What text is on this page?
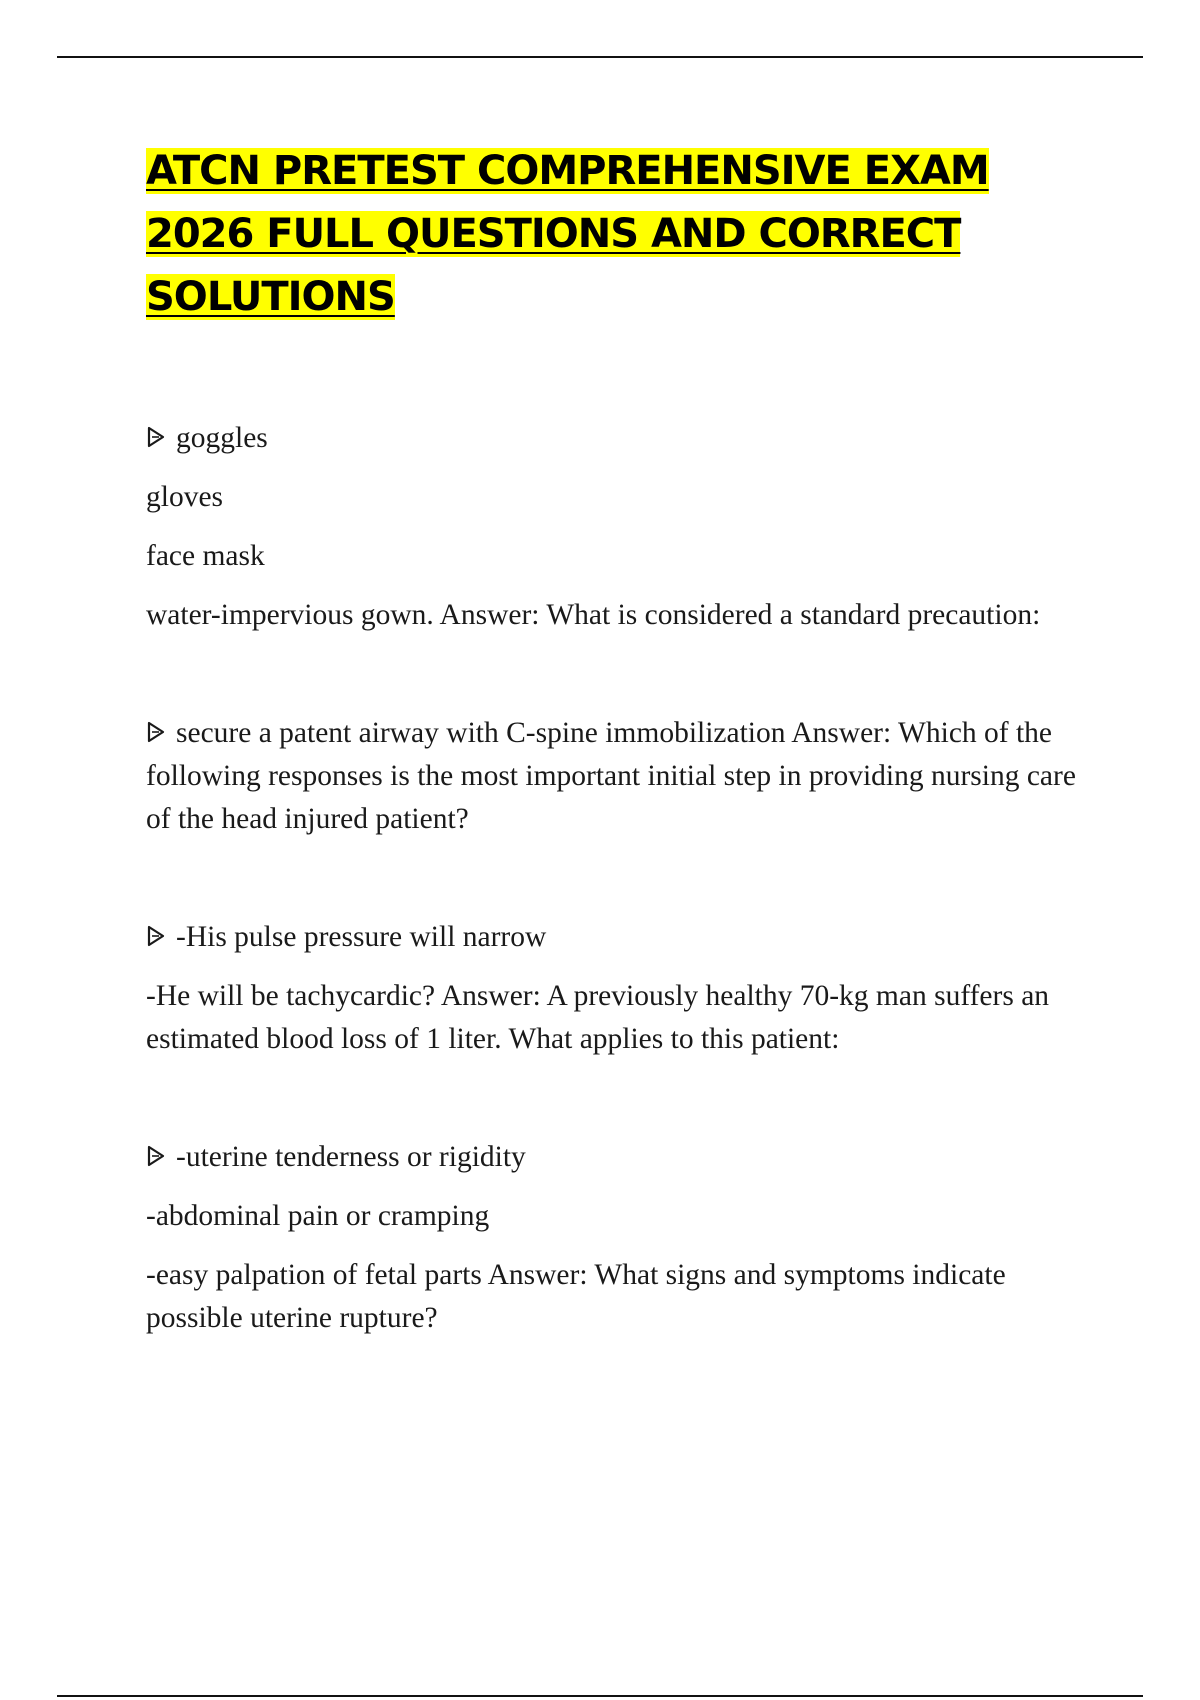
ATCN PRETEST COMPREHENSIVE EXAM 2026 FULL QUESTIONS AND CORRECT SOLUTIONS

goggles

gloves

face mask

water-impervious gown. Answer: What is considered a standard precaution:

secure a patent airway with C-spine immobilization Answer: Which of the following responses is the most important initial step in providing nursing care of the head injured patient?

-His pulse pressure will narrow

-He will be tachycardic? Answer: A previously healthy 70-kg man suffers an estimated blood loss of 1 liter. What applies to this patient:

-uterine tenderness or rigidity

-abdominal pain or cramping

-easy palpation of fetal parts Answer: What signs and symptoms indicate possible uterine rupture?
